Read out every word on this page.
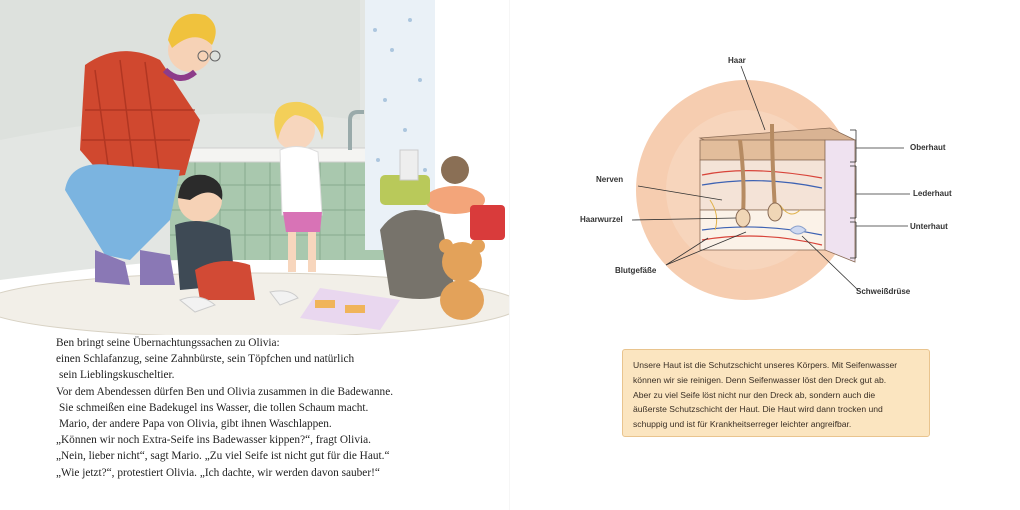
Ben bringt seine Übernachtungssachen zu Olivia:
einen Schlafanzug, seine Zahnbürste, sein Töpfchen und natürlich
sein Lieblingskuscheltier.
Vor dem Abendessen dürfen Ben und Olivia zusammen in die Badewanne.
Sie schmeißen eine Badekugel ins Wasser, die tollen Schaum macht.
Mario, der andere Papa von Olivia, gibt ihnen Waschlappen.
„Können wir noch Extra-Seife ins Badewasser kippen?“, fragt Olivia.
„Nein, lieber nicht“, sagt Mario. „Zu viel Seife ist nicht gut für die Haut.“
„Wie jetzt?“, protestiert Olivia. „Ich dachte, wir werden davon sauber!“
Haar
Oberhaut
Nerven
Lederhaut
Haarwurzel
Unterhaut
Blutgefäße
Schweißdrüse
Unsere Haut ist die Schutzschicht unseres Körpers. Mit Seifenwasser
können wir sie reinigen. Denn Seifenwasser löst den Dreck gut ab.
Aber zu viel Seife löst nicht nur den Dreck ab, sondern auch die
äußerste Schutzschicht der Haut. Die Haut wird dann trocken und
schuppig und ist für Krankheitserreger leichter angreifbar.
